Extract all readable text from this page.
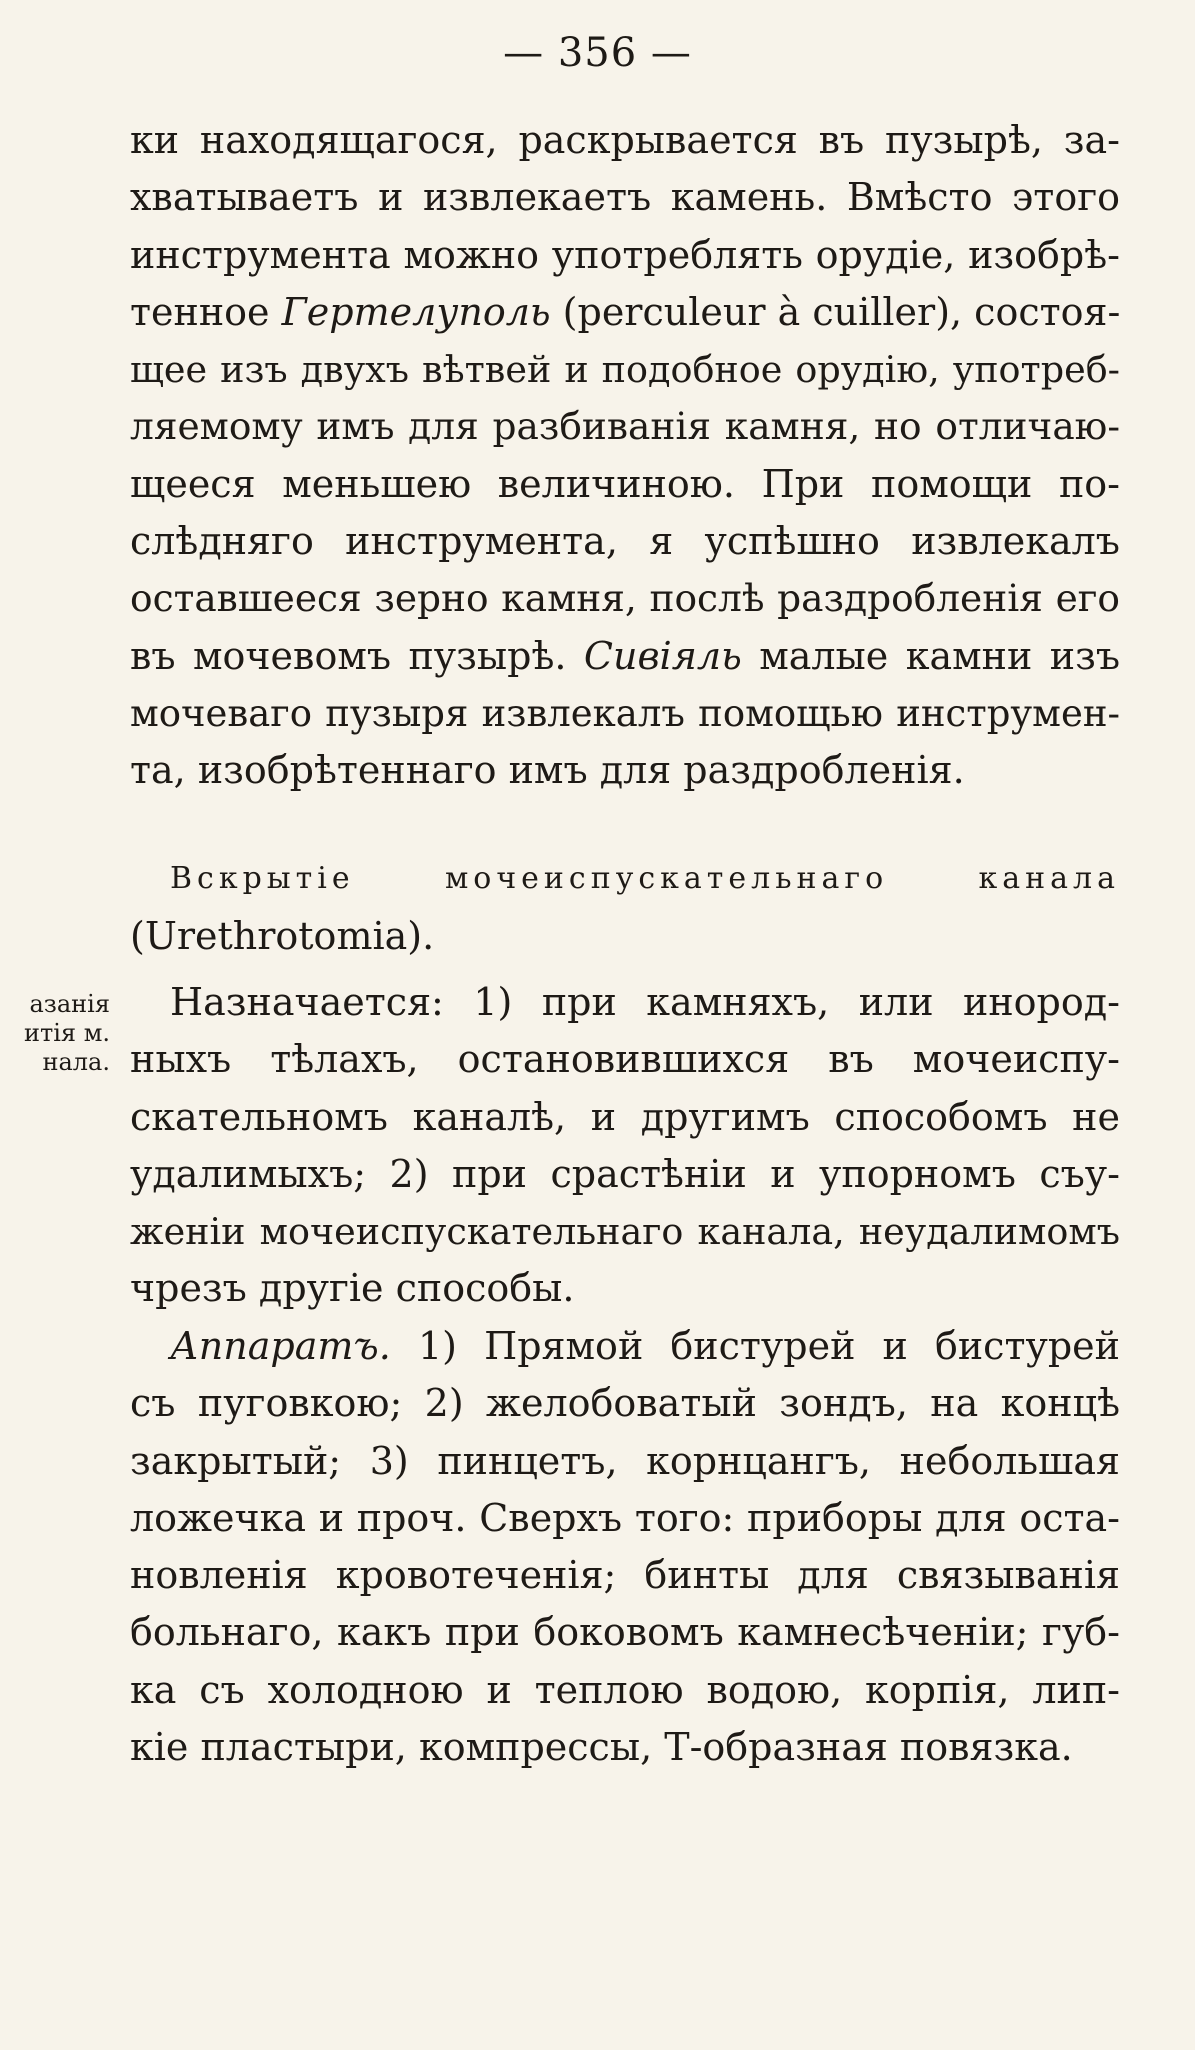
— 356 —
ки находящагося, раскрывается въ пузырѣ, за-
хватываетъ и извлекаетъ камень. Вмѣсто этого
инструмента можно употреблять орудіе, изобрѣ-
тенное Гертелуполь (perculeur à cuiller), состоя-
щее изъ двухъ вѣтвей и подобное орудію, употреб-
ляемому имъ для разбиванія камня, но отличаю-
щееся меньшею величиною. При помощи по-
слѣдняго инструмента, я успѣшно извлекалъ
оставшееся зерно камня, послѣ раздробленія его
въ мочевомъ пузырѣ. Сивіяль малые камни изъ
мочеваго пузыря извлекалъ помощью инструмен-
та, изобрѣтеннаго имъ для раздробленія.
Вскрытіе мочеиспускательнаго канала
(Urethrotomia).
азанія
итія м.
нала.
Назначается: 1) при камняхъ, или инород-
ныхъ тѣлахъ, остановившихся въ мочеиспу-
скательномъ каналѣ, и другимъ способомъ не
удалимыхъ; 2) при срастѣніи и упорномъ съу-
женіи мочеиспускательнаго канала, неудалимомъ
чрезъ другіе способы.
Аппаратъ. 1) Прямой бистурей и бистурей
съ пуговкою; 2) желобоватый зондъ, на концѣ
закрытый; 3) пинцетъ, корнцангъ, небольшая
ложечка и проч. Сверхъ того: приборы для оста-
новленія кровотеченія; бинты для связыванія
больнаго, какъ при боковомъ камнесѣченіи; губ-
ка съ холодною и теплою водою, корпія, лип-
кіе пластыри, компрессы, Т-образная повязка.
